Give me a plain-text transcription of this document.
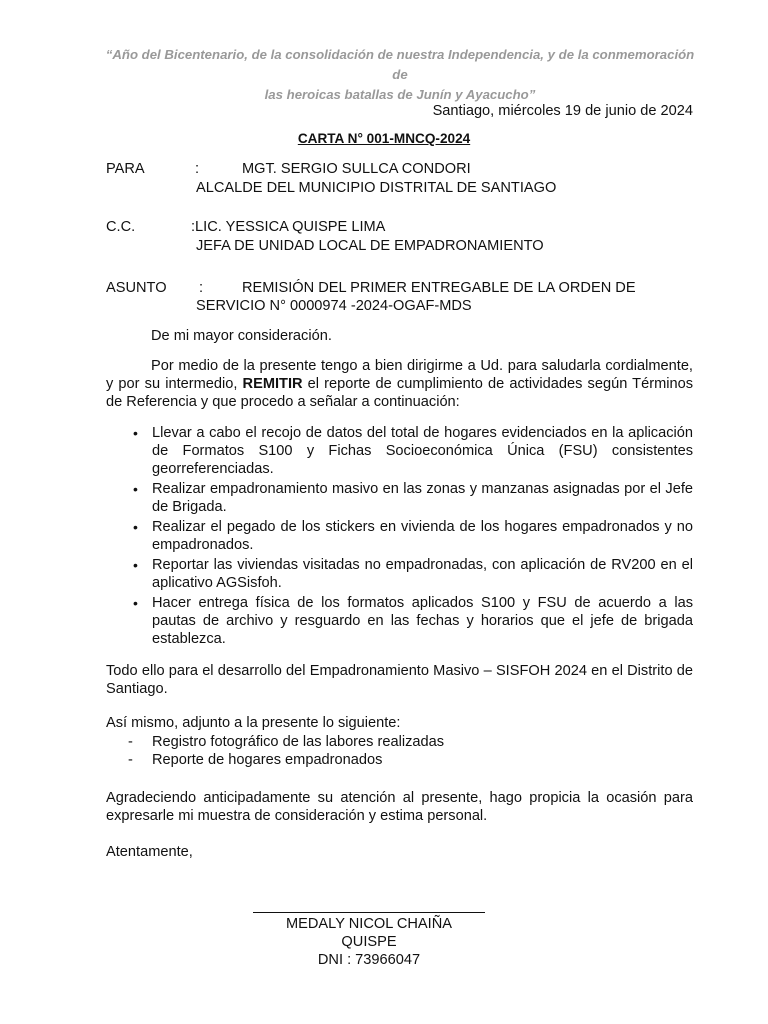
“Año del Bicentenario, de la consolidación de nuestra Independencia, y de la conmemoración de
las heroicas batallas de Junín y Ayacucho”
Santiago, miércoles 19 de junio de 2024
CARTA N° 001-MNCQ-2024
PARA	:	MGT. SERGIO SULLCA CONDORI
ALCALDE DEL MUNICIPIO DISTRITAL DE SANTIAGO
C.C.	:LIC. YESSICA QUISPE LIMA
JEFA DE UNIDAD LOCAL DE EMPADRONAMIENTO
ASUNTO :	REMISIÓN DEL PRIMER ENTREGABLE DE LA ORDEN DE
SERVICIO N° 0000974 -2024-OGAF-MDS
De mi mayor consideración.
Por medio de la presente tengo a bien dirigirme a Ud. para saludarla cordialmente, y por su intermedio, REMITIR el reporte de cumplimiento de actividades según Términos de Referencia y que procedo a señalar a continuación:
• Llevar a cabo el recojo de datos del total de hogares evidenciados en la aplicación de Formatos S100 y Fichas Socioeconómica Única (FSU) consistentes georreferenciadas.
• Realizar empadronamiento masivo en las zonas y manzanas asignadas por el Jefe de Brigada.
• Realizar el pegado de los stickers en vivienda de los hogares empadronados y no empadronados.
• Reportar las viviendas visitadas no empadronadas, con aplicación de RV200 en el aplicativo AGSisfoh.
• Hacer entrega física de los formatos aplicados S100 y FSU de acuerdo a las pautas de archivo y resguardo en las fechas y horarios que el jefe de brigada establezca.
Todo ello para el desarrollo del Empadronamiento Masivo – SISFOH 2024 en el Distrito de Santiago.
Así mismo, adjunto a la presente lo siguiente:
- Registro fotográfico de las labores realizadas
- Reporte de hogares empadronados
Agradeciendo anticipadamente su atención al presente, hago propicia la ocasión para expresarle mi muestra de consideración y estima personal.
Atentamente,
MEDALY NICOL CHAIÑA
QUISPE
DNI : 73966047
